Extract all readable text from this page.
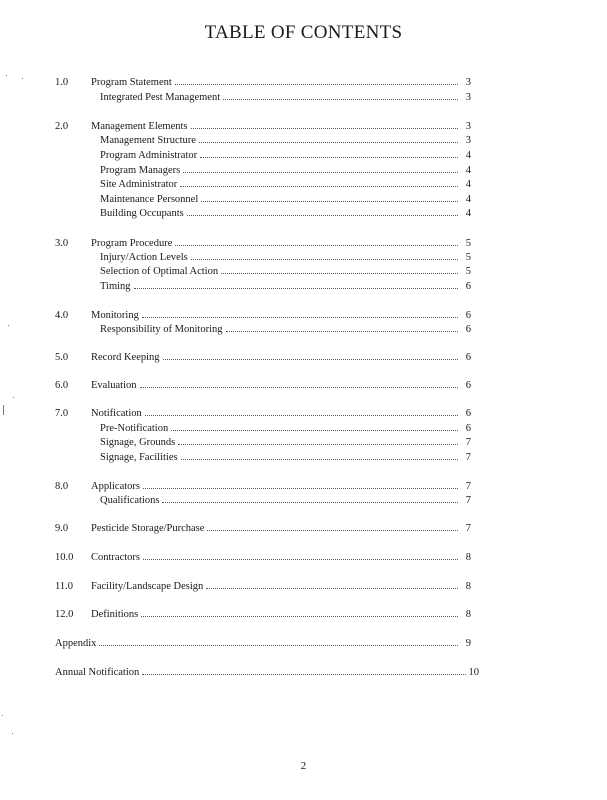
TABLE OF CONTENTS
1.0	Program Statement	3
Integrated Pest Management	3
2.0	Management Elements	3
Management Structure	3
Program Administrator	4
Program Managers	4
Site Administrator	4
Maintenance Personnel	4
Building Occupants	4
3.0	Program Procedure	5
Injury/Action Levels	5
Selection of Optimal Action	5
Timing	6
4.0	Monitoring	6
Responsibility of Monitoring	6
5.0	Record Keeping	6
6.0	Evaluation	6
7.0	Notification	6
Pre-Notification	6
Signage, Grounds	7
Signage, Facilities	7
8.0	Applicators	7
Qualifications	7
9.0	Pesticide Storage/Purchase	7
10.0	Contractors	8
11.0	Facility/Landscape Design	8
12.0	Definitions	8
Appendix	9
Annual Notification	10
2
